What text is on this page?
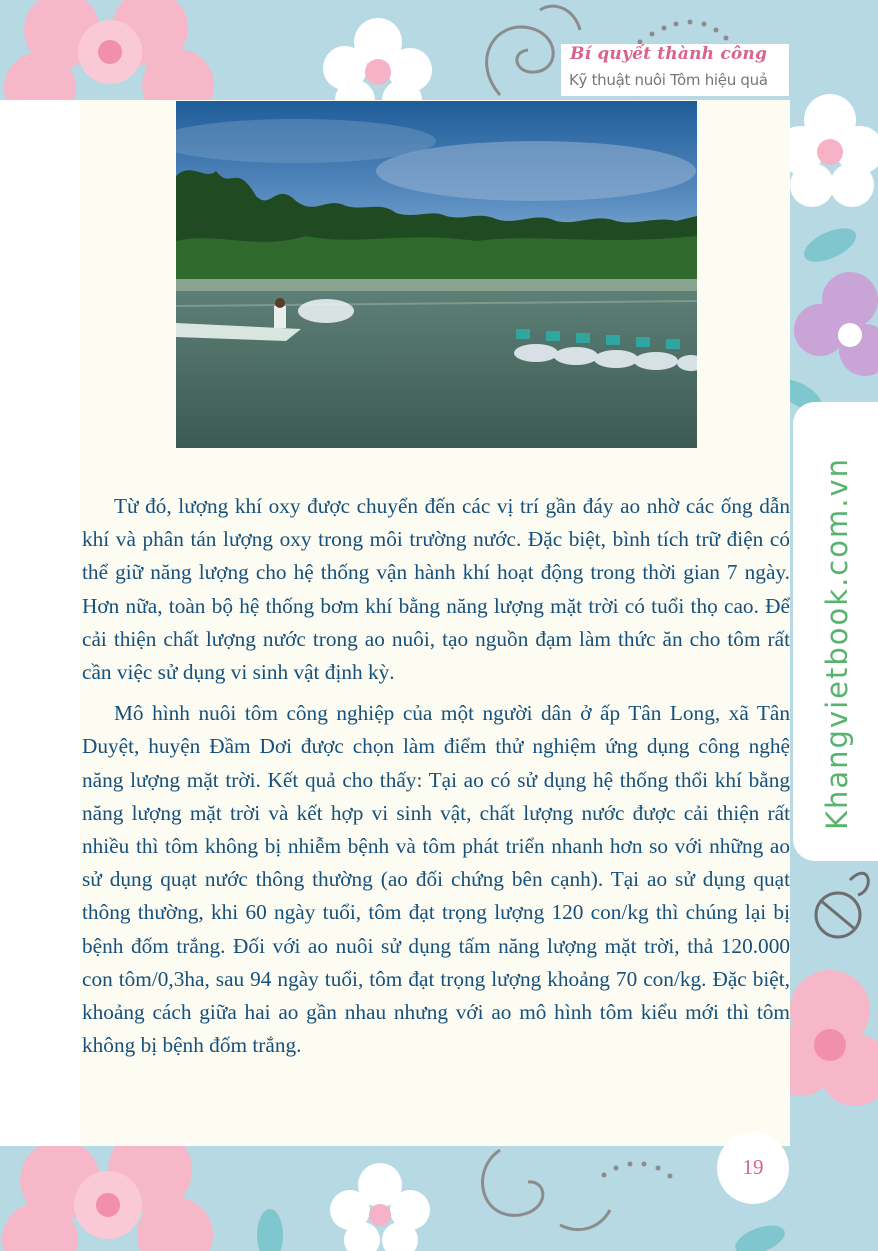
Bí quyết thành công
Kỹ thuật nuôi Tôm hiệu quả

Từ đó, lượng khí oxy được chuyển đến các vị trí gần đáy ao nhờ các ống dẫn khí và phân tán lượng oxy trong môi trường nước. Đặc biệt, bình tích trữ điện có thể giữ năng lượng cho hệ thống vận hành khí hoạt động trong thời gian 7 ngày. Hơn nữa, toàn bộ hệ thống bơm khí bằng năng lượng mặt trời có tuổi thọ cao. Để cải thiện chất lượng nước trong ao nuôi, tạo nguồn đạm làm thức ăn cho tôm rất cần việc sử dụng vi sinh vật định kỳ.

Mô hình nuôi tôm công nghiệp của một người dân ở ấp Tân Long, xã Tân Duyệt, huyện Đầm Dơi được chọn làm điểm thử nghiệm ứng dụng công nghệ năng lượng mặt trời. Kết quả cho thấy: Tại ao có sử dụng hệ thống thổi khí bằng năng lượng mặt trời và kết hợp vi sinh vật, chất lượng nước được cải thiện rất nhiều thì tôm không bị nhiễm bệnh và tôm phát triển nhanh hơn so với những ao sử dụng quạt nước thông thường (ao đối chứng bên cạnh). Tại ao sử dụng quạt thông thường, khi 60 ngày tuổi, tôm đạt trọng lượng 120 con/kg thì chúng lại bị bệnh đốm trắng. Đối với ao nuôi sử dụng tấm năng lượng mặt trời, thả 120.000 con tôm/0,3ha, sau 94 ngày tuổi, tôm đạt trọng lượng khoảng 70 con/kg. Đặc biệt, khoảng cách giữa hai ao gần nhau nhưng với ao mô hình tôm kiểu mới thì tôm không bị bệnh đốm trắng.

Khangvietbook.com.vn
19
